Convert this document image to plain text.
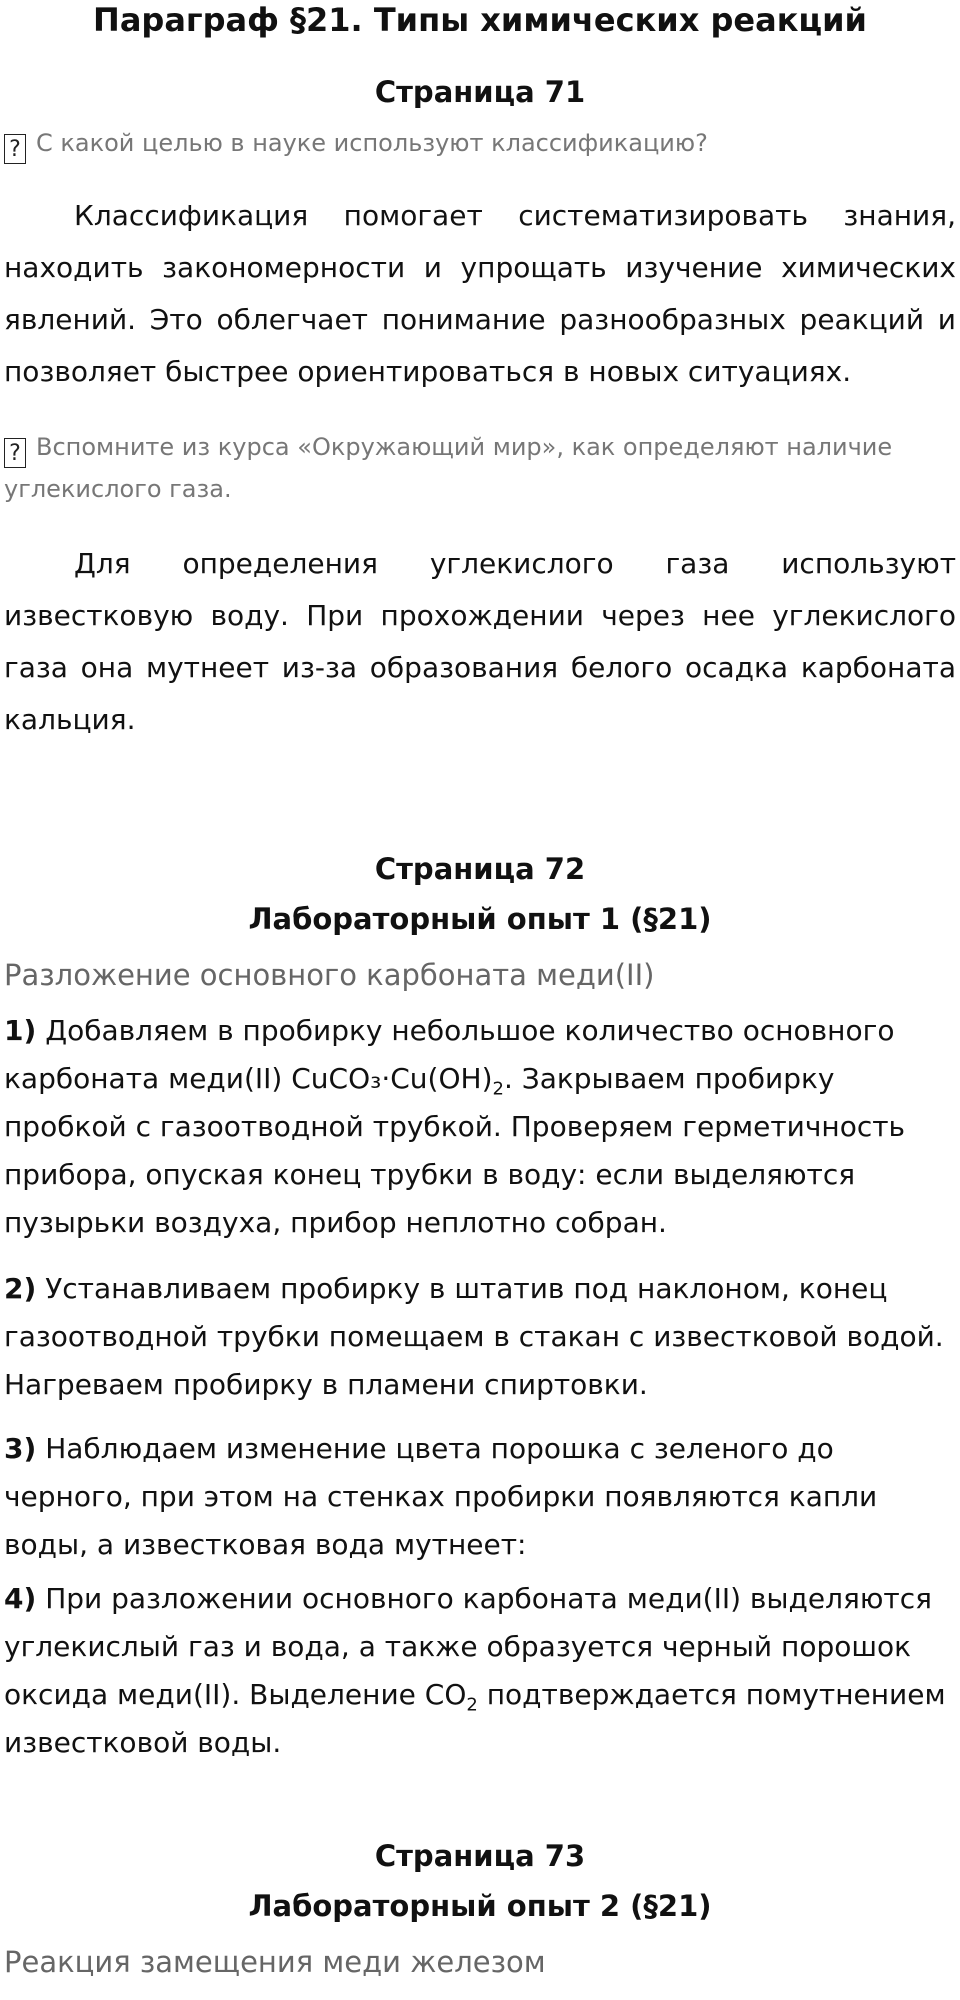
Параграф §21. Типы химических реакций
Страница 71
? С какой целью в науке используют классификацию?
Классификация помогает систематизировать знания, находить закономерности и упрощать изучение химических явлений. Это облегчает понимание разнообразных реакций и позволяет быстрее ориентироваться в новых ситуациях.
? Вспомните из курса «Окружающий мир», как определяют наличие углекислого газа.
Для определения углекислого газа используют известковую воду. При прохождении через нее углекислого газа она мутнеет из-за образования белого осадка карбоната кальция.
Страница 72
Лабораторный опыт 1 (§21)
Разложение основного карбоната меди(II)
1) Добавляем в пробирку небольшое количество основного карбоната меди(II) $CuCO_3\cdot Cu(OH)_2$. Закрываем пробирку пробкой с газоотводной трубкой. Проверяем герметичность прибора, опуская конец трубки в воду: если выделяются пузырьки воздуха, прибор неплотно собран.
2) Устанавливаем пробирку в штатив под наклоном, конец газоотводной трубки помещаем в стакан с известковой водой. Нагреваем пробирку в пламени спиртовки.
3) Наблюдаем изменение цвета порошка с зеленого до черного, при этом на стенках пробирки появляются капли воды, а известковая вода мутнеет:
4) При разложении основного карбоната меди(II) выделяются углекислый газ и вода, а также образуется черный порошок оксида меди(II). Выделение $CO_2$ подтверждается помутнением известковой воды.
Страница 73
Лабораторный опыт 2 (§21)
Реакция замещения меди железом
